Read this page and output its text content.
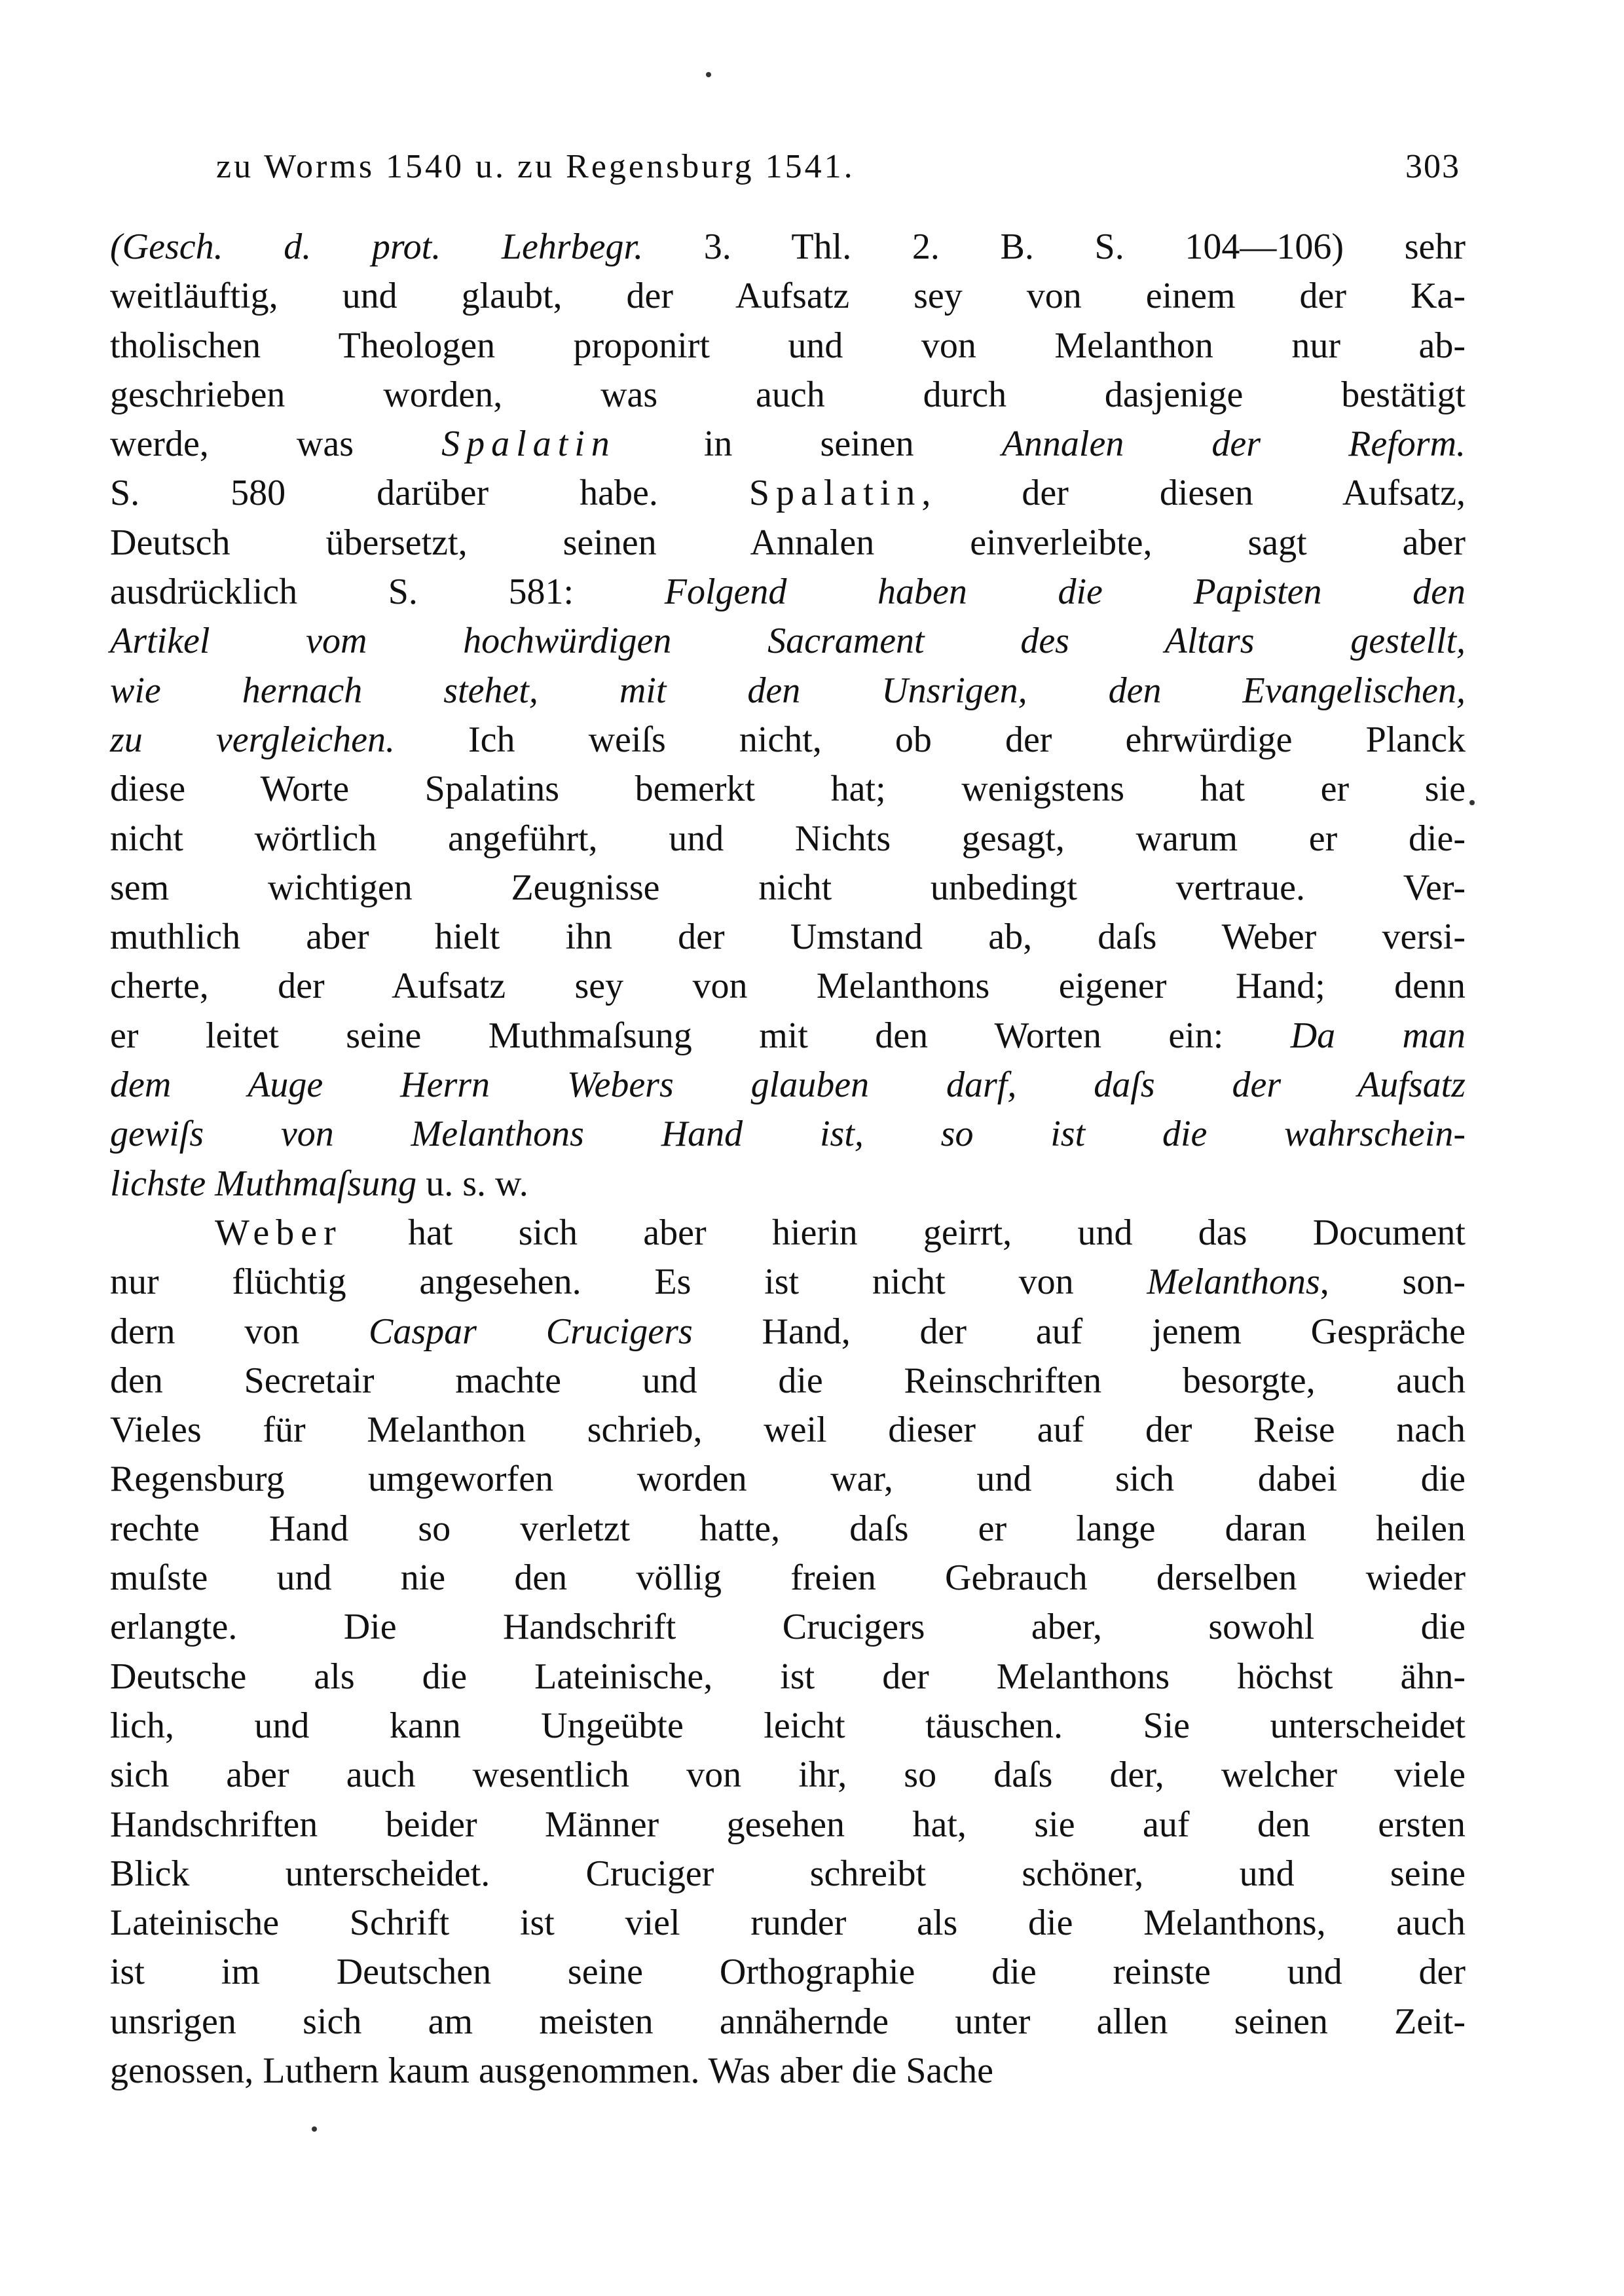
zu Worms 1540 u. zu Regensburg 1541.	303
(Gesch. d. prot. Lehrbegr. 3. Thl. 2. B. S. 104—106) sehr
weitläuftig, und glaubt, der Aufsatz sey von einem der Ka-
tholischen Theologen proponirt und von Melanthon nur ab-
geschrieben worden, was auch durch dasjenige bestätigt
werde, was Spalatin in seinen Annalen der Reform.
S. 580 darüber habe. Spalatin, der diesen Aufsatz,
Deutsch übersetzt, seinen Annalen einverleibte, sagt aber
ausdrücklich S. 581: Folgend haben die Papisten den
Artikel vom hochwürdigen Sacrament des Altars gestellt,
wie hernach stehet, mit den Unsrigen, den Evangelischen,
zu vergleichen. Ich weiſs nicht, ob der ehrwürdige Planck
diese Worte Spalatins bemerkt hat; wenigstens hat er sie
nicht wörtlich angeführt, und Nichts gesagt, warum er die-
sem wichtigen Zeugnisse nicht unbedingt vertraue. Ver-
muthlich aber hielt ihn der Umstand ab, daſs Weber versi-
cherte, der Aufsatz sey von Melanthons eigener Hand; denn
er leitet seine Muthmaſsung mit den Worten ein: Da man
dem Auge Herrn Webers glauben darf, daſs der Aufsatz
gewiſs von Melanthons Hand ist, so ist die wahrschein-
lichste Muthmaſsung u. s. w.
Weber hat sich aber hierin geirrt, und das Document
nur flüchtig angesehen. Es ist nicht von Melanthons, son-
dern von Caspar Crucigers Hand, der auf jenem Gespräche
den Secretair machte und die Reinschriften besorgte, auch
Vieles für Melanthon schrieb, weil dieser auf der Reise nach
Regensburg umgeworfen worden war, und sich dabei die
rechte Hand so verletzt hatte, daſs er lange daran heilen
muſste und nie den völlig freien Gebrauch derselben wieder
erlangte. Die Handschrift Crucigers aber, sowohl die
Deutsche als die Lateinische, ist der Melanthons höchst ähn-
lich, und kann Ungeübte leicht täuschen. Sie unterscheidet
sich aber auch wesentlich von ihr, so daſs der, welcher viele
Handschriften beider Männer gesehen hat, sie auf den ersten
Blick unterscheidet. Cruciger schreibt schöner, und seine
Lateinische Schrift ist viel runder als die Melanthons, auch
ist im Deutschen seine Orthographie die reinste und der
unsrigen sich am meisten annähernde unter allen seinen Zeit-
genossen, Luthern kaum ausgenommen. Was aber die Sache
